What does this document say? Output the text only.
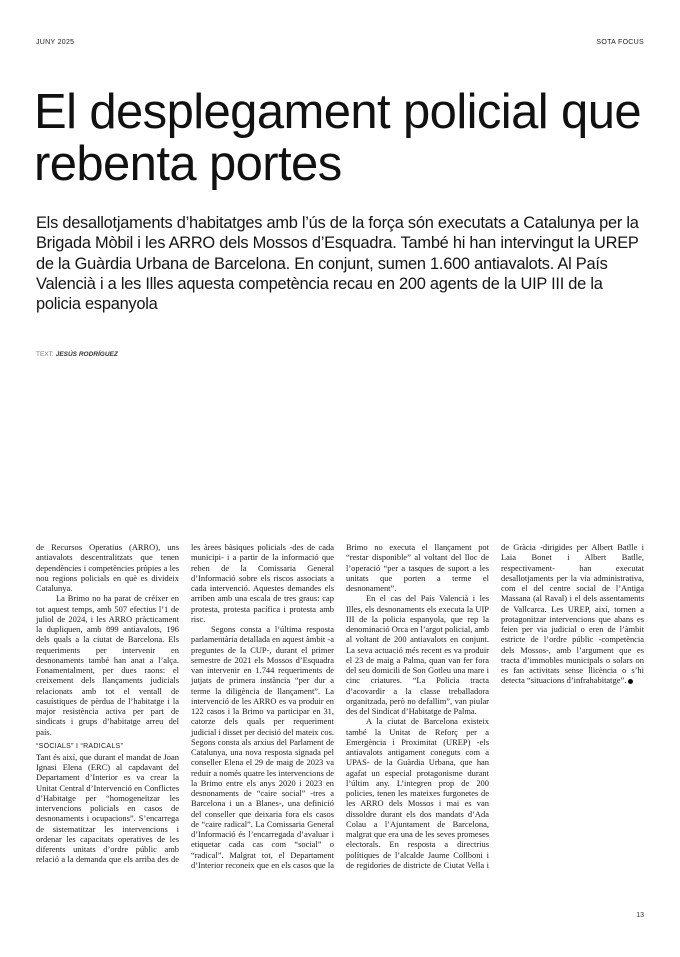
JUNY 2025	SOTA FOCUS
El desplegament policial que rebenta portes

Els desallotjaments d’habitatges amb l’ús de la força són executats a Catalunya per la Brigada Mòbil i les ARRO dels Mossos d’Esquadra. També hi han intervingut la UREP de la Guàrdia Urbana de Barcelona. En conjunt, sumen 1.600 antiavalots. Al País Valencià i a les Illes aquesta competència recau en 200 agents de la UIP III de la policia espanyola

TEXT: JESÚS RODRÍGUEZ

de Recursos Operatius (ARRO), uns antiavalots descentralitzats que tenen dependències i competències pròpies a les nou regions policials en què es divideix Catalunya.

La Brimo no ha parat de créixer en tot aquest temps, amb 507 efectius l’1 de juliol de 2024, i les ARRO pràcticament la dupliquen, amb 899 antiavalots, 196 dels quals a la ciutat de Barcelona. Els requeriments per intervenir en desnonaments també han anat a l’alça. Fonamentalment, per dues raons: el creixement dels llançaments judicials relacionats amb tot el ventall de casuístiques de pèrdua de l’habitatge i la major resistència activa per part de sindicats i grups d’habitatge arreu del país.

“SOCIALS” I “RADICALS”

Tant és així, que durant el mandat de Joan Ignasi Elena (ERC) al capdavant del Departament d’Interior es va crear la Unitat Central d’Intervenció en Conflictes d’Habitatge per “homogeneïtzar les intervencions policials en casos de desnonaments i ocupacions”. S’encarrega de sistematitzar les intervencions i ordenar les capacitats operatives de les diferents unitats d’ordre públic amb relació a la demanda que els arriba des de les àrees bàsiques policials -des de cada municipi- i a partir de la informació que reben de la Comissaria General d’Informació sobre els riscos associats a cada intervenció. Aquestes demandes els arriben amb una escala de tres graus: cap protesta, protesta pacífica i protesta amb risc.

Segons consta a l’última resposta parlamentària detallada en aquest àmbit -a preguntes de la CUP-, durant el primer semestre de 2021 els Mossos d’Esquadra van intervenir en 1.744 requeriments de jutjats de primera instància “per dur a terme la diligència de llançament”. La intervenció de les ARRO es va produir en 122 casos i la Brimo va participar en 31, catorze dels quals per requeriment judicial i disset per decisió del mateix cos. Segons consta als arxius del Parlament de Catalunya, una nova resposta signada pel conseller Elena el 29 de maig de 2023 va reduir a només quatre les intervencions de la Brimo entre els anys 2020 i 2023 en desnonaments de “caire social” -tres a Barcelona i un a Blanes-, una definició del conseller que deixaria fora els casos de “caire radical”. La Comissaria General d’Informació és l’encarregada d’avaluar i etiquetar cada cas com “social” o “radical”. Malgrat tot, el Departament d’Interior reconeix que en els casos que la Brimo no executa el llançament pot “restar disponible” al voltant del lloc de l’operació “per a tasques de suport a les unitats que porten a terme el desnonament”.

En el cas del País Valencià i les Illes, els desnonaments els executa la UIP III de la policia espanyola, que rep la denominació Orca en l’argot policial, amb al voltant de 200 antiavalots en conjunt. La seva actuació més recent es va produir el 23 de maig a Palma, quan van fer fora del seu domicili de Son Gotleu una mare i cinc criatures. “La Policia tracta d’acovardir a la classe treballadora organitzada, però no defallim”, van piular des del Sindicat d’Habitatge de Palma.

A la ciutat de Barcelona existeix també la Unitat de Reforç per a Emergència i Proximitat (UREP) -els antiavalots antigament coneguts com a UPAS- de la Guàrdia Urbana, que han agafat un especial protagonisme durant l’últim any. L’integren prop de 200 policies, tenen les mateixes furgonetes de les ARRO dels Mossos i mai es van dissoldre durant els dos mandats d’Ada Colau a l’Ajuntament de Barcelona, malgrat que era una de les seves promeses electorals. En resposta a directrius polítiques de l’alcalde Jaume Collboni i de regidories de districte de Ciutat Vella i de Gràcia -dirigides per Albert Batlle i Laia Bonet i Albert Batlle, respectivament- han executat desallotjaments per la via administrativa, com el del centre social de l’Antiga Massana (al Raval) i el dels assentaments de Vallcarca. Les UREP, així, tornen a protagonitzar intervencions que abans es feien per via judicial o eren de l’àmbit estricte de l’ordre públic -competència dels Mossos-, amb l’argument que es tracta d’immobles municipals o solars on es fan activitats sense llicència o s’hi detecta “situacions d’infrahabitatge”.

13
